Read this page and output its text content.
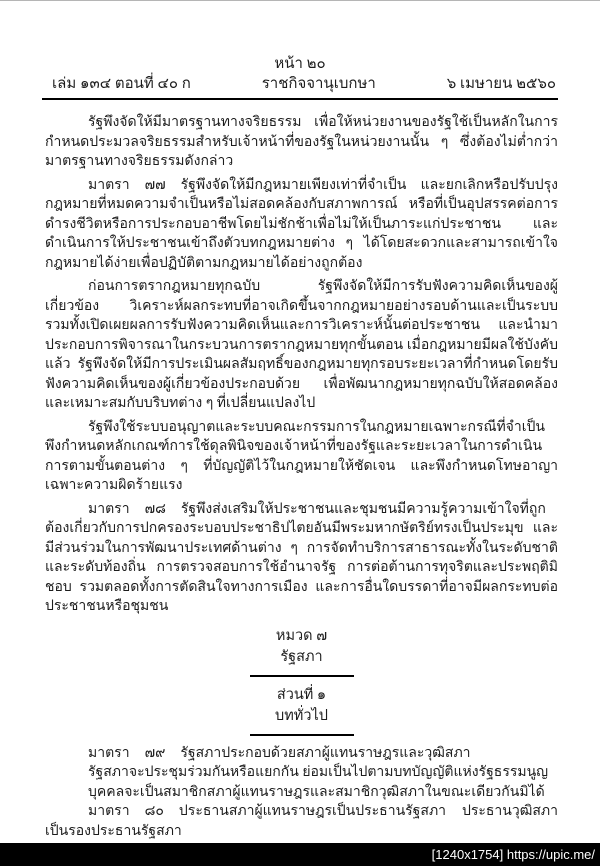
หน้า ๒๐
เล่ม ๑๓๔ ตอนที่ ๔๐ ก	ราชกิจจานุเบกษา	๖ เมษายน ๒๕๖๐

รัฐพึงจัดให้มีมาตรฐานทางจริยธรรม เพื่อให้หน่วยงานของรัฐใช้เป็นหลักในการกำหนดประมวลจริยธรรมสำหรับเจ้าหน้าที่ของรัฐในหน่วยงานนั้น ๆ ซึ่งต้องไม่ต่ำกว่ามาตรฐานทางจริยธรรมดังกล่าว

มาตรา ๗๗ รัฐพึงจัดให้มีกฎหมายเพียงเท่าที่จำเป็น และยกเลิกหรือปรับปรุงกฎหมายที่หมดความจำเป็นหรือไม่สอดคล้องกับสภาพการณ์ หรือที่เป็นอุปสรรคต่อการดำรงชีวิตหรือการประกอบอาชีพโดยไม่ชักช้าเพื่อไม่ให้เป็นภาระแก่ประชาชน และดำเนินการให้ประชาชนเข้าถึงตัวบทกฎหมายต่าง ๆ ได้โดยสะดวกและสามารถเข้าใจกฎหมายได้ง่ายเพื่อปฏิบัติตามกฎหมายได้อย่างถูกต้อง

ก่อนการตรากฎหมายทุกฉบับ รัฐพึงจัดให้มีการรับฟังความคิดเห็นของผู้เกี่ยวข้อง วิเคราะห์ผลกระทบที่อาจเกิดขึ้นจากกฎหมายอย่างรอบด้านและเป็นระบบ รวมทั้งเปิดเผยผลการรับฟังความคิดเห็นและการวิเคราะห์นั้นต่อประชาชน และนำมาประกอบการพิจารณาในกระบวนการตรากฎหมายทุกขั้นตอน เมื่อกฎหมายมีผลใช้บังคับแล้ว รัฐพึงจัดให้มีการประเมินผลสัมฤทธิ์ของกฎหมายทุกรอบระยะเวลาที่กำหนดโดยรับฟังความคิดเห็นของผู้เกี่ยวข้องประกอบด้วย เพื่อพัฒนากฎหมายทุกฉบับให้สอดคล้องและเหมาะสมกับบริบทต่าง ๆ ที่เปลี่ยนแปลงไป

รัฐพึงใช้ระบบอนุญาตและระบบคณะกรรมการในกฎหมายเฉพาะกรณีที่จำเป็น พึงกำหนดหลักเกณฑ์การใช้ดุลพินิจของเจ้าหน้าที่ของรัฐและระยะเวลาในการดำเนินการตามขั้นตอนต่าง ๆ ที่บัญญัติไว้ในกฎหมายให้ชัดเจน และพึงกำหนดโทษอาญาเฉพาะความผิดร้ายแรง

มาตรา ๗๘ รัฐพึงส่งเสริมให้ประชาชนและชุมชนมีความรู้ความเข้าใจที่ถูกต้องเกี่ยวกับการปกครองระบอบประชาธิปไตยอันมีพระมหากษัตริย์ทรงเป็นประมุข และมีส่วนร่วมในการพัฒนาประเทศด้านต่าง ๆ การจัดทำบริการสาธารณะทั้งในระดับชาติและระดับท้องถิ่น การตรวจสอบการใช้อำนาจรัฐ การต่อต้านการทุจริตและประพฤติมิชอบ รวมตลอดทั้งการตัดสินใจทางการเมือง และการอื่นใดบรรดาที่อาจมีผลกระทบต่อประชาชนหรือชุมชน

หมวด ๗
รัฐสภา
ส่วนที่ ๑
บททั่วไป

มาตรา ๗๙ รัฐสภาประกอบด้วยสภาผู้แทนราษฎรและวุฒิสภา

รัฐสภาจะประชุมร่วมกันหรือแยกกัน ย่อมเป็นไปตามบทบัญญัติแห่งรัฐธรรมนูญ

บุคคลจะเป็นสมาชิกสภาผู้แทนราษฎรและสมาชิกวุฒิสภาในขณะเดียวกันมิได้

มาตรา ๘๐ ประธานสภาผู้แทนราษฎรเป็นประธานรัฐสภา ประธานวุฒิสภาเป็นรองประธานรัฐสภา

[1240x1754] https://upic.me/
